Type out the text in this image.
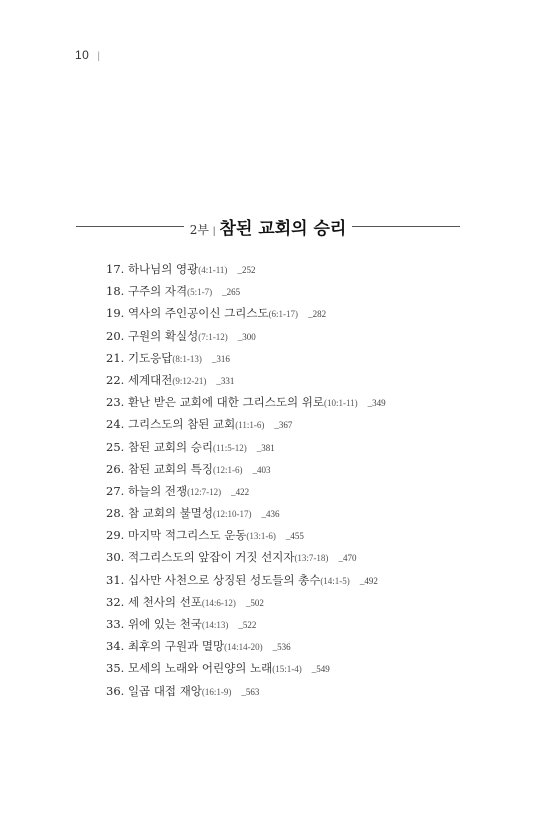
10 |
2부 | 참된 교회의 승리
17. 하나님의 영광(4:1-11) _252
18. 구주의 자격(5:1-7) _265
19. 역사의 주인공이신 그리스도(6:1-17) _282
20. 구원의 확실성(7:1-12) _300
21. 기도응답(8:1-13) _316
22. 세계대전(9:12-21) _331
23. 환난 받은 교회에 대한 그리스도의 위로(10:1-11) _349
24. 그리스도의 참된 교회(11:1-6) _367
25. 참된 교회의 승리(11:5-12) _381
26. 참된 교회의 특징(12:1-6) _403
27. 하늘의 전쟁(12:7-12) _422
28. 참 교회의 불멸성(12:10-17) _436
29. 마지막 적그리스도 운동(13:1-6) _455
30. 적그리스도의 앞잡이 거짓 선지자(13:7-18) _470
31. 십사만 사천으로 상징된 성도들의 총수(14:1-5) _492
32. 세 천사의 선포(14:6-12) _502
33. 위에 있는 천국(14:13) _522
34. 최후의 구원과 멸망(14:14-20) _536
35. 모세의 노래와 어린양의 노래(15:1-4) _549
36. 일곱 대접 재앙(16:1-9) _563
